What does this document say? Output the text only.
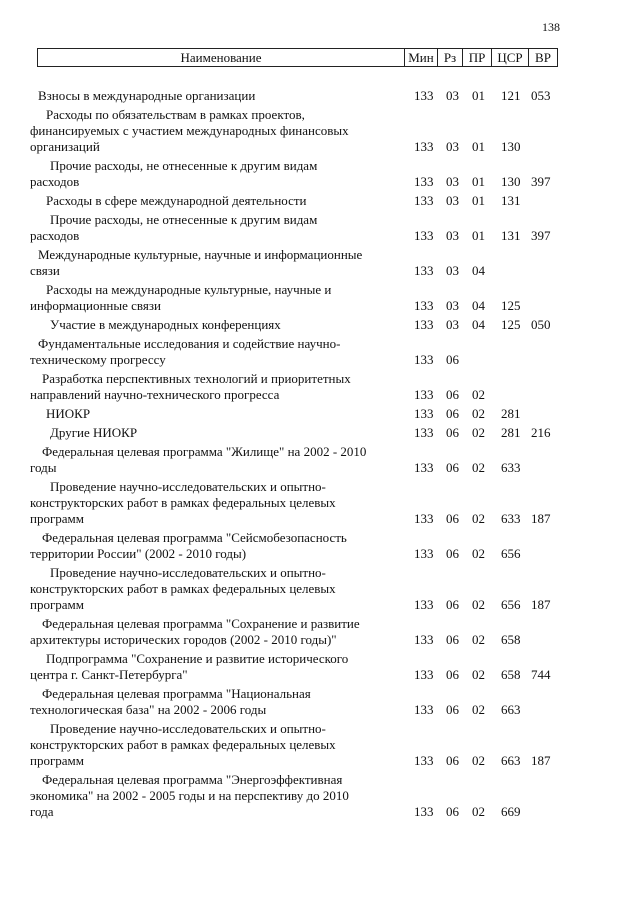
138
Наименование	Мин	Рз	ПР	ЦСР	ВР
Взносы в международные организации	133 03 01 121 053
Расходы по обязательствам в рамках проектов,
финансируемых с участием международных финансовых
организаций	133 03 01 130
Прочие расходы, не отнесенные к другим видам
расходов	133 03 01 130 397
Расходы в сфере международной деятельности	133 03 01 131
Прочие расходы, не отнесенные к другим видам
расходов	133 03 01 131 397
Международные культурные, научные и информационные
связи	133 03 04
Расходы на международные культурные, научные и
информационные связи	133 03 04 125
Участие в международных конференциях	133 03 04 125 050
Фундаментальные исследования и содействие научно-
техническому прогрессу	133 06
Разработка перспективных технологий и приоритетных
направлений научно-технического прогресса	133 06 02
НИОКР	133 06 02 281
Другие НИОКР	133 06 02 281 216
Федеральная целевая программа "Жилище" на 2002 - 2010
годы	133 06 02 633
Проведение научно-исследовательских и опытно-
конструкторских работ в рамках федеральных целевых
программ	133 06 02 633 187
Федеральная целевая программа "Сейсмобезопасность
территории России" (2002 - 2010 годы)	133 06 02 656
Проведение научно-исследовательских и опытно-
конструкторских работ в рамках федеральных целевых
программ	133 06 02 656 187
Федеральная целевая программа "Сохранение и развитие
архитектуры исторических городов (2002 - 2010 годы)"	133 06 02 658
Подпрограмма "Сохранение и развитие исторического
центра г. Санкт-Петербурга"	133 06 02 658 744
Федеральная целевая программа "Национальная
технологическая база" на 2002 - 2006 годы	133 06 02 663
Проведение научно-исследовательских и опытно-
конструкторских работ в рамках федеральных целевых
программ	133 06 02 663 187
Федеральная целевая программа "Энергоэффективная
экономика" на 2002 - 2005 годы и на перспективу до 2010
года	133 06 02 669
